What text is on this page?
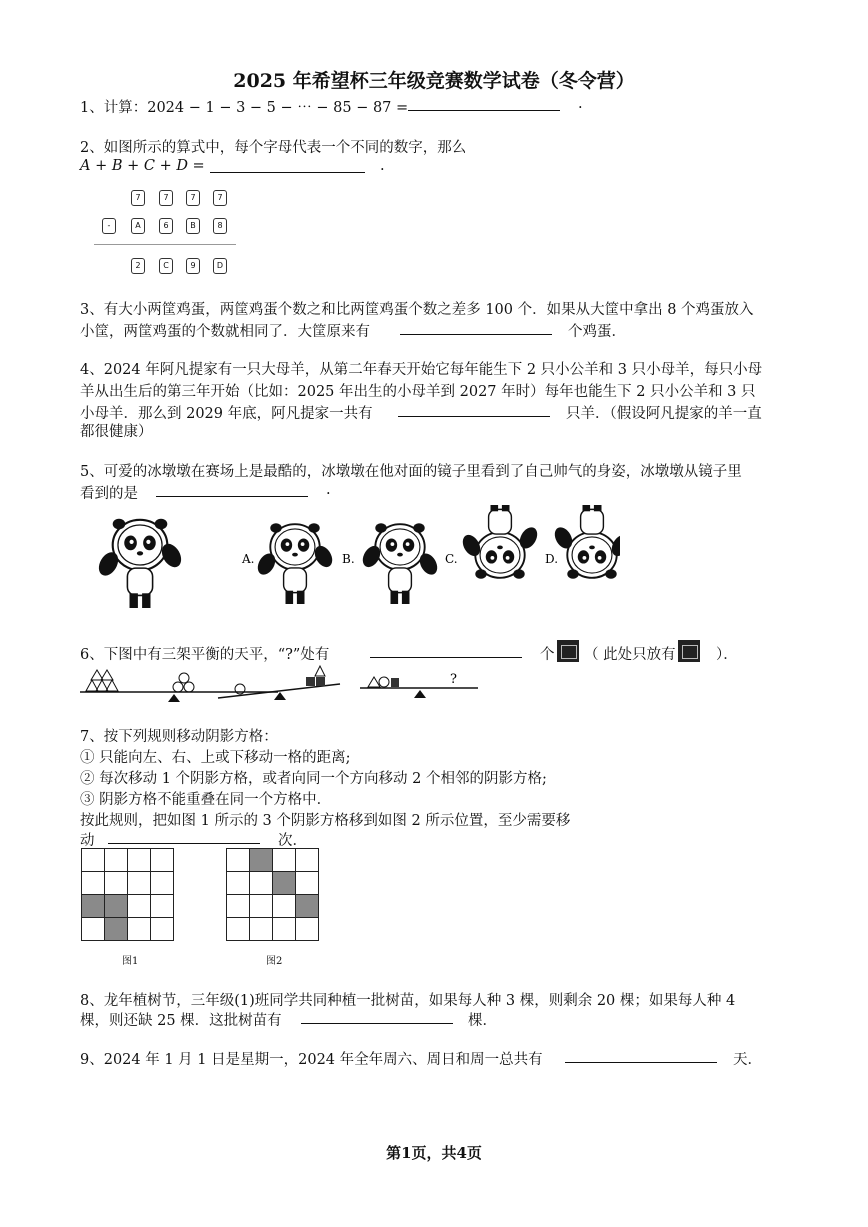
2025 年希望杯三年级竞赛数学试卷（冬令营）
1、计算：2024 − 1 − 3 − 5 − ⋯ − 85 − 87 =	.
2、如图所示的算式中，每个字母代表一个不同的数字，那么
A + B + C + D =	.
7	7	7	7
-	A	6	B	8
2	C	9	D
3、有大小两筐鸡蛋，两筐鸡蛋个数之和比两筐鸡蛋个数之差多 100 个．如果从大筐中拿出 8 个鸡蛋放入
小筐，两筐鸡蛋的个数就相同了．大筐原来有	个鸡蛋．
4、2024 年阿凡提家有一只大母羊，从第二年春天开始它每年能生下 2 只小公羊和 3 只小母羊，每只小母
羊从出生后的第三年开始（比如：2025 年出生的小母羊到 2027 年时）每年也能生下 2 只小公羊和 3 只
小母羊．那么到 2029 年底，阿凡提家一共有	只羊．（假设阿凡提家的羊一直
都很健康）
5、可爱的冰墩墩在赛场上是最酷的，冰墩墩在他对面的镜子里看到了自己帅气的身姿，冰墩墩从镜子里
看到的是	.
A.	B.	C.	D.
6、下图中有三架平衡的天平，“?”处有	个 （ 此处只放有	）．
?
7、按下列规则移动阴影方格：
① 只能向左、右、上或下移动一格的距离;
② 每次移动 1 个阴影方格，或者向同一个方向移动 2 个相邻的阴影方格;
③ 阴影方格不能重叠在同一个方格中．
按此规则，把如图 1 所示的 3 个阴影方格移到如图 2 所示位置，至少需要移
动	次．

图1

				图2
8、龙年植树节，三年级(1)班同学共同种植一批树苗，如果每人种 3 棵，则剩余 20 棵；如果每人种 4
棵，则还缺 25 棵．这批树苗有	棵．
9、2024 年 1 月 1 日是星期一，2024 年全年周六、周日和周一总共有	天．
第1页，共4页
